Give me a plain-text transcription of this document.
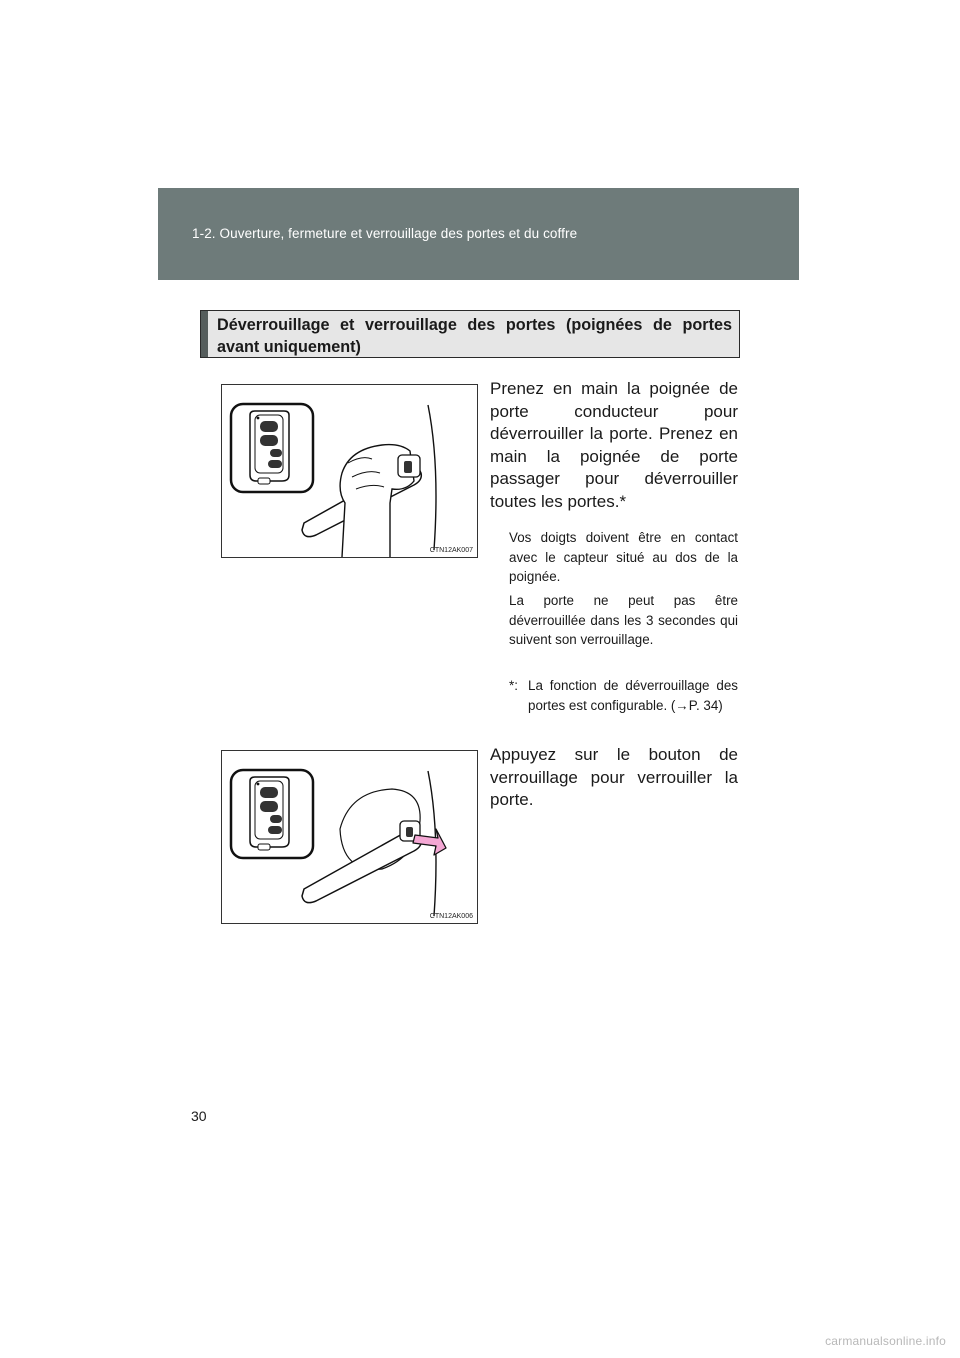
1-2. Ouverture, fermeture et verrouillage des portes et du coffre
Déverrouillage et verrouillage des portes (poignées de portes avant uniquement)
CTN12AK007

Prenez en main la poignée de porte conducteur pour déverrouiller la porte. Prenez en main la poignée de porte passager pour déverrouiller toutes les portes.*

Vos doigts doivent être en contact avec le capteur situé au dos de la poignée.

La porte ne peut pas être déverrouillée dans les 3 secondes qui suivent son verrouillage.

*: La fonction de déverrouillage des portes est configurable. (→P. 34)

CTN12AK006

Appuyez sur le bouton de verrouillage pour verrouiller la porte.

30
carmanualsonline.info
